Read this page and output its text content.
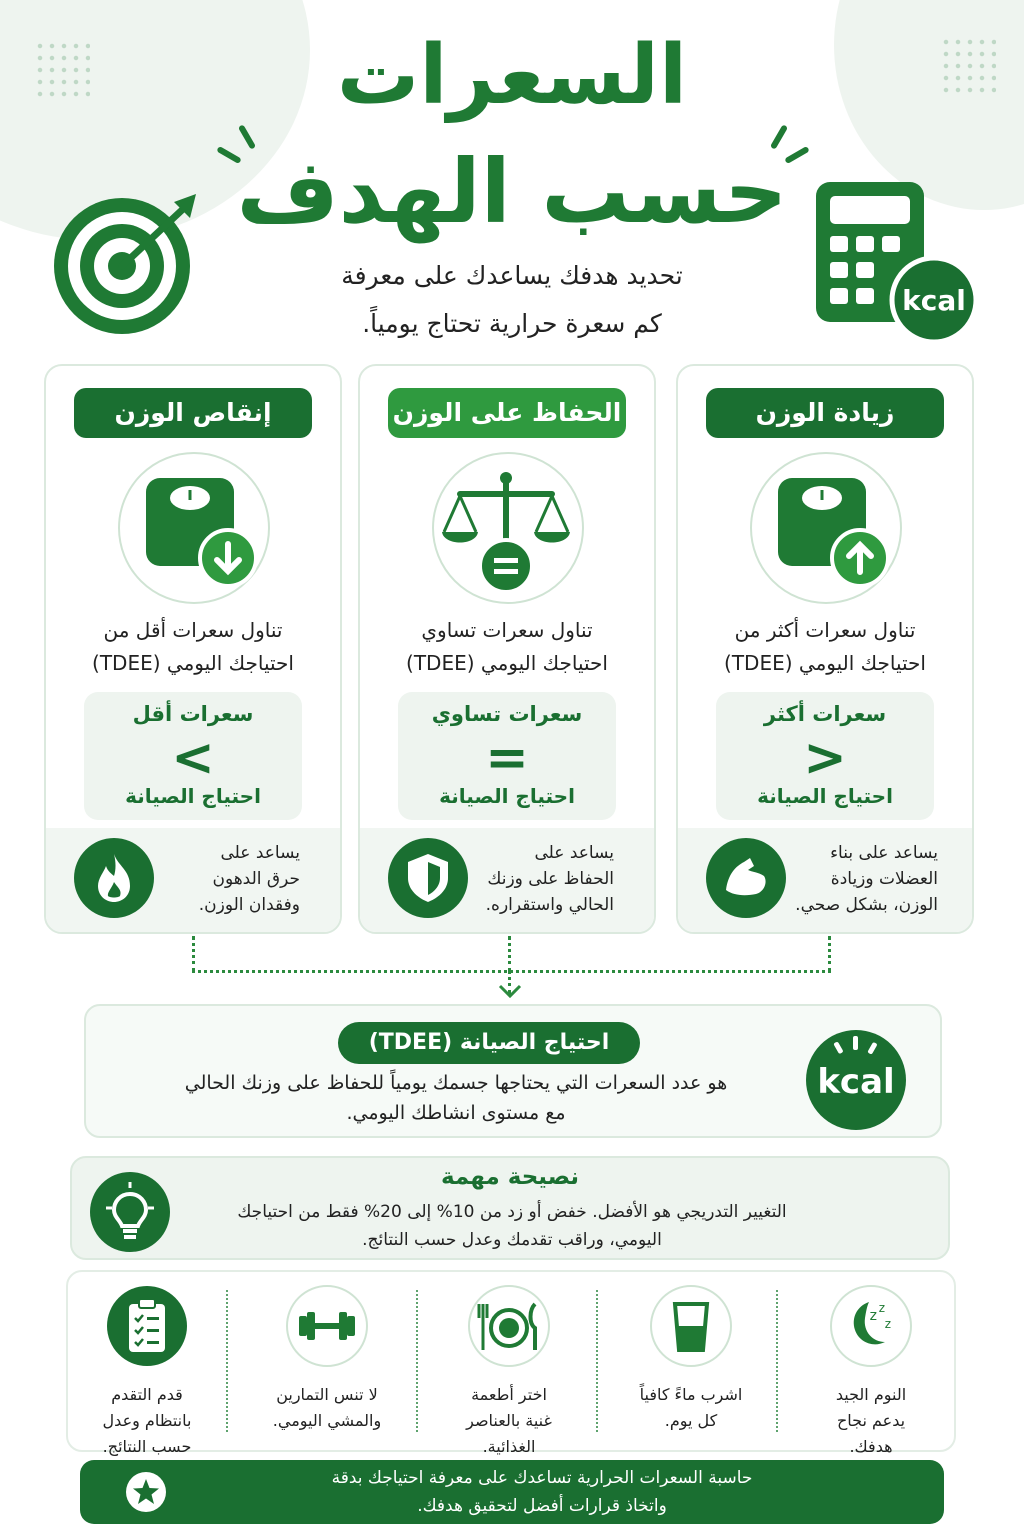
السعرات
حسب الهدف
تحديد هدفك يساعدك على معرفة
كم سعرة حرارية تحتاج يومياً.
kcal
زيادة الوزن
تناول سعرات أكثر من
احتياجك اليومي (TDEE)
سعرات أكثر
>
احتياج الصيانة
يساعد على بناء
العضلات وزيادة
الوزن، بشكل صحي.
الحفاظ على الوزن
تناول سعرات تساوي
احتياجك اليومي (TDEE)
سعرات تساوي
=
احتياج الصيانة
يساعد على
الحفاظ على وزنك
الحالي واستقراره.
إنقاص الوزن
تناول سعرات أقل من
احتياجك اليومي (TDEE)
سعرات أقل
<
احتياج الصيانة
يساعد على
حرق الدهون
وفقدان الوزن.
احتياج الصيانة (TDEE)
هو عدد السعرات التي يحتاجها جسمك يومياً للحفاظ على وزنك الحالي
مع مستوى انشاطك اليومي.
kcal
نصيحة مهمة
التغيير التدريجي هو الأفضل. خفض أو زد من 10% إلى 20% فقط من احتياجك
اليومي، وراقب تقدمك وعدل حسب النتائج.
z z
z
النوم الجيد
يدعم نجاح
هدفك.
اشرب ماءً كافياً
كل يوم.
اختر أطعمة
غنية بالعناصر
الغذائية.
لا تنس التمارين
والمشي اليومي.
قدم التقدم
بانتظام وعدل
حسب النتائج.
حاسبة السعرات الحرارية تساعدك على معرفة احتياجك بدقة
واتخاذ قرارات أفضل لتحقيق هدفك.
